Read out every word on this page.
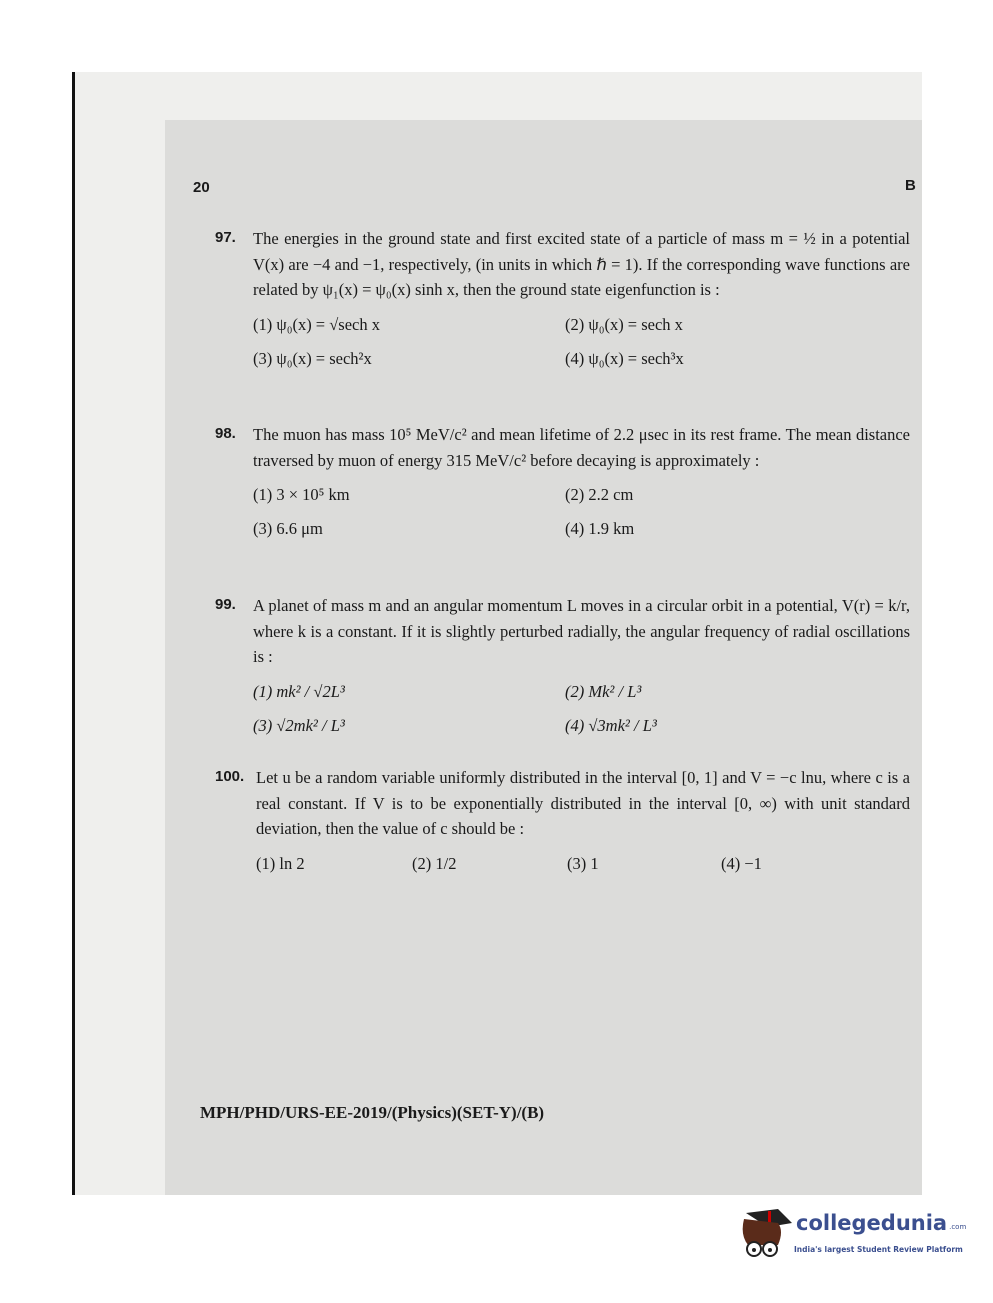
20	B
97. The energies in the ground state and first excited state of a particle of mass m = ½ in a potential V(x) are −4 and −1, respectively, (in units in which ℏ = 1). If the corresponding wave functions are related by ψ₁(x) = ψ₀(x) sinh x, then the ground state eigenfunction is :
(1) ψ₀(x) = √sech x	(2) ψ₀(x) = sech x
(3) ψ₀(x) = sech²x	(4) ψ₀(x) = sech³x
98. The muon has mass 10⁵ MeV/c² and mean lifetime of 2.2 μsec in its rest frame. The mean distance traversed by muon of energy 315 MeV/c² before decaying is approximately :
(1) 3 × 10⁵ km	(2) 2.2 cm
(3) 6.6 μm	(4) 1.9 km
99. A planet of mass m and an angular momentum L moves in a circular orbit in a potential, V(r) = k/r, where k is a constant. If it is slightly perturbed radially, the angular frequency of radial oscillations is :
(1) mk² / √2L³	(2) Mk² / L³
(3) √2mk² / L³	(4) √3mk² / L³
100. Let u be a random variable uniformly distributed in the interval [0, 1] and V = −c lnu, where c is a real constant. If V is to be exponentially distributed in the interval [0, ∞) with unit standard deviation, then the value of c should be :
(1) ln 2	(2) 1/2	(3) 1	(4) −1
MPH/PHD/URS-EE-2019/(Physics)(SET-Y)/(B)
collegedunia .com
India's largest Student Review Platform
